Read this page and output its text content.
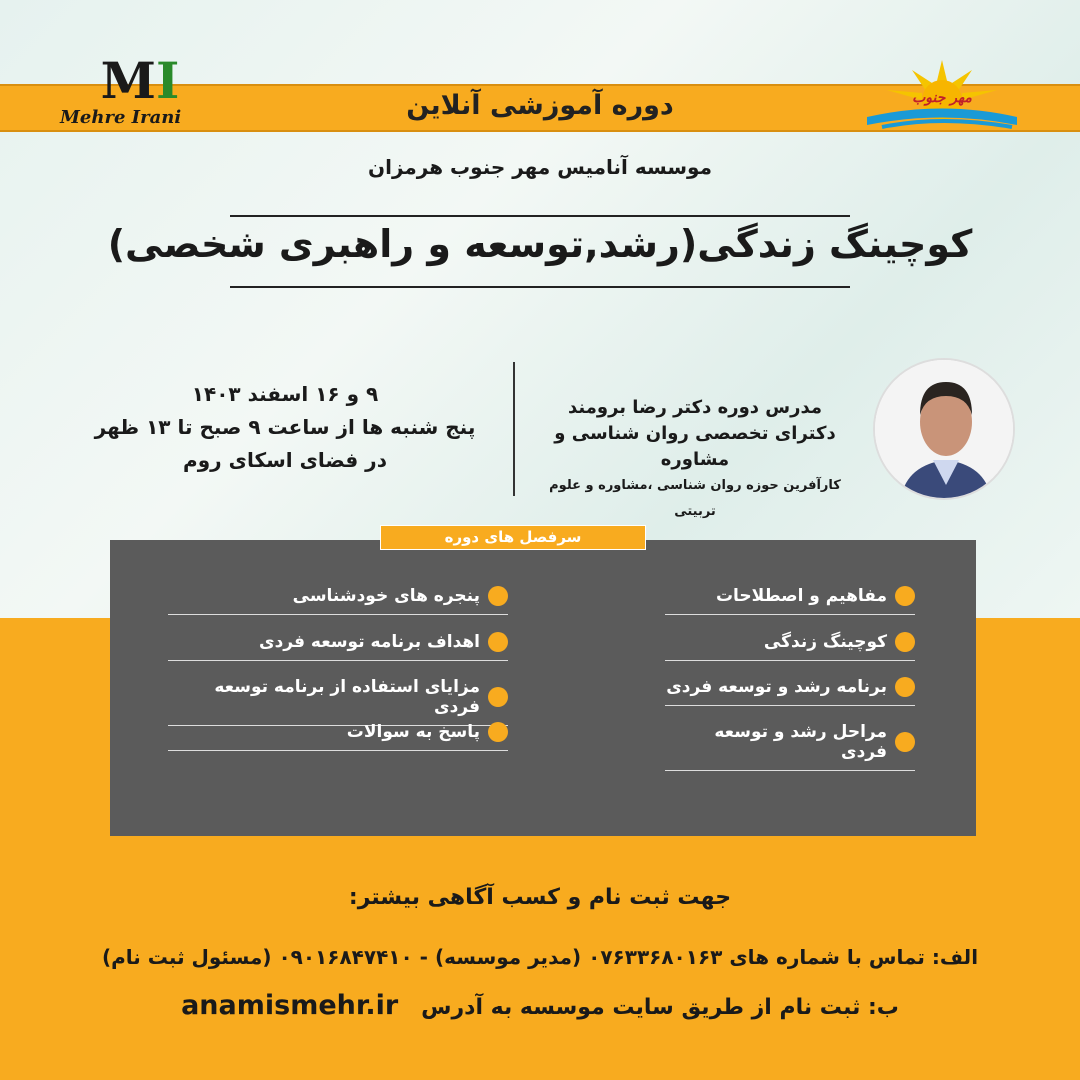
دوره آموزشی آنلاین
MI
Mehre Irani
مهر جنوب
موسسه آنامیس مهر جنوب هرمزان
کوچینگ زندگی(رشد,توسعه و راهبری شخصی)
۹ و ۱۶ اسفند ۱۴۰۳
پنج شنبه ها از ساعت ۹ صبح تا ۱۳ ظهر
در فضای اسکای روم
مدرس دوره دکتر رضا برومند
دکترای تخصصی روان شناسی و مشاوره
کارآفرین حوزه روان شناسی ،مشاوره و علوم تربیتی
سرفصل های دوره
مفاهیم و اصطلاحات
کوچینگ زندگی
برنامه رشد و توسعه فردی
مراحل رشد و توسعه فردی
پنجره های خودشناسی
اهداف برنامه توسعه فردی
مزایای استفاده از برنامه توسعه فردی
پاسخ به سوالات
جهت ثبت نام و کسب آگاهی بیشتر:
الف: تماس با شماره های ۰۷۶۳۳۶۸۰۱۶۳ (مدیر موسسه) - ۰۹۰۱۶۸۴۷۴۱۰ (مسئول ثبت نام)
ب: ثبت نام از طریق سایت موسسه به آدرس   anamismehr.ir
